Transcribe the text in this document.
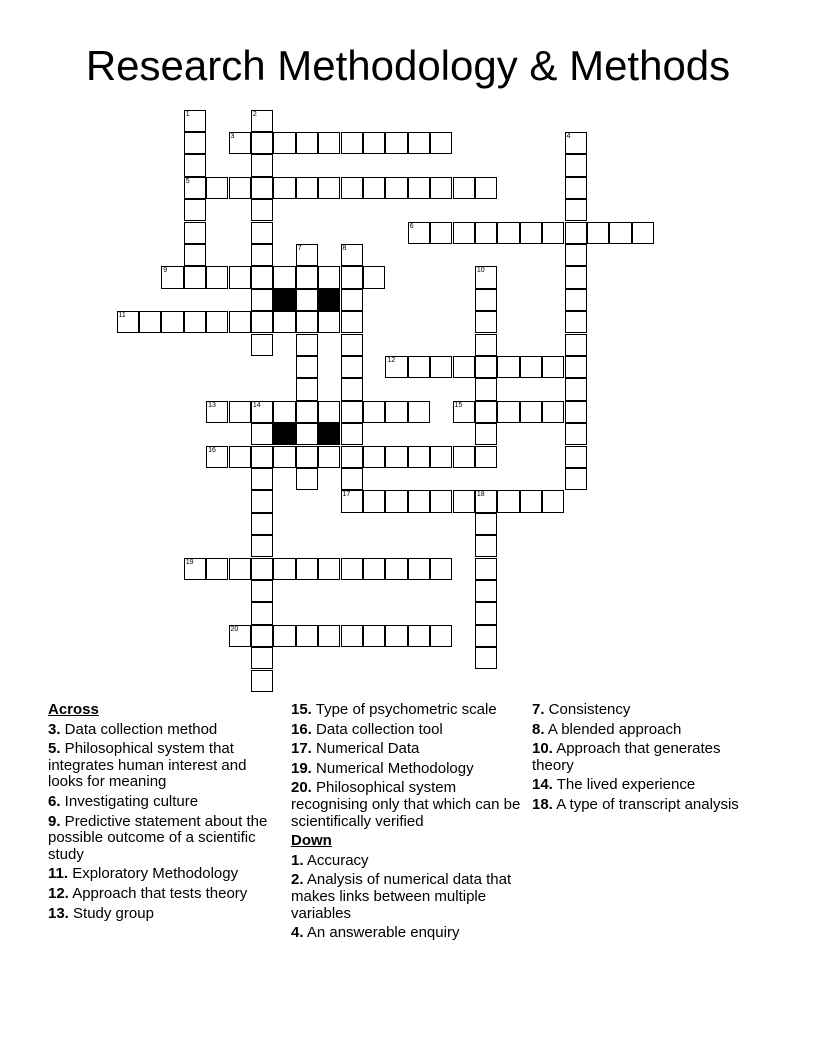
Research Methodology & Methods
1
5
2
3	4
6
7	8
17
9	10
11
12
13	14	15
16
18
19
20
Across
3. Data collection method
5. Philosophical system that integrates human interest and looks for meaning
6. Investigating culture
9. Predictive statement about the possible outcome of a scientific study
11. Exploratory Methodology
12. Approach that tests theory
13. Study group
15. Type of psychometric scale
16. Data collection tool
17. Numerical Data
19. Numerical Methodology
20. Philosophical system recognising only that which can be scientifically verified
Down
1. Accuracy
2. Analysis of numerical data that makes links between multiple variables
4. An answerable enquiry
7. Consistency
8. A blended approach
10. Approach that generates theory
14. The lived experience
18. A type of transcript analysis
